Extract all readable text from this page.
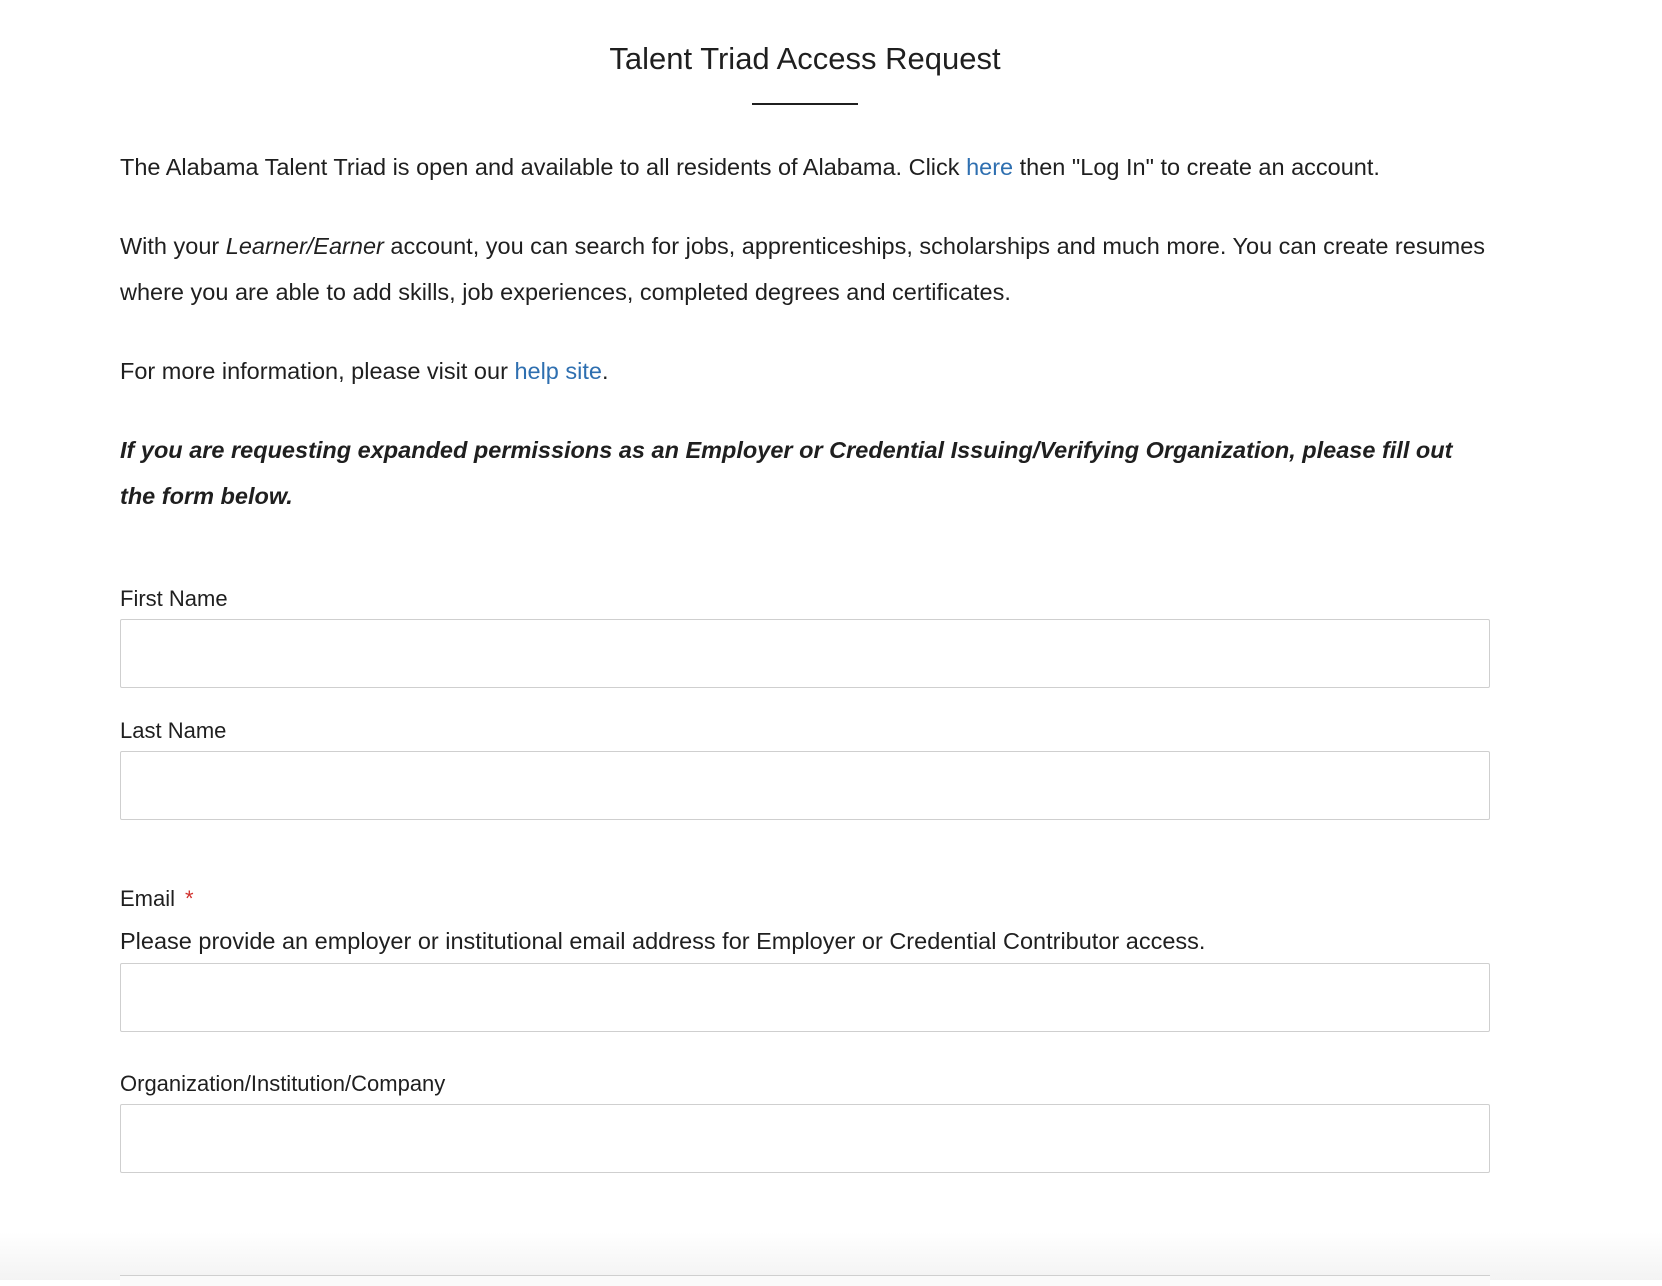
Talent Triad Access Request

The Alabama Talent Triad is open and available to all residents of Alabama. Click here then "Log In" to create an account.

With your Learner/Earner account, you can search for jobs, apprenticeships, scholarships and much more. You can create resumes where you are able to add skills, job experiences, completed degrees and certificates.

For more information, please visit our help site.

If you are requesting expanded permissions as an Employer or Credential Issuing/Verifying Organization, please fill out the form below.

First Name
Last Name
Email *

Please provide an employer or institutional email address for Employer or Credential Contributor access.

Organization/Institution/Company
